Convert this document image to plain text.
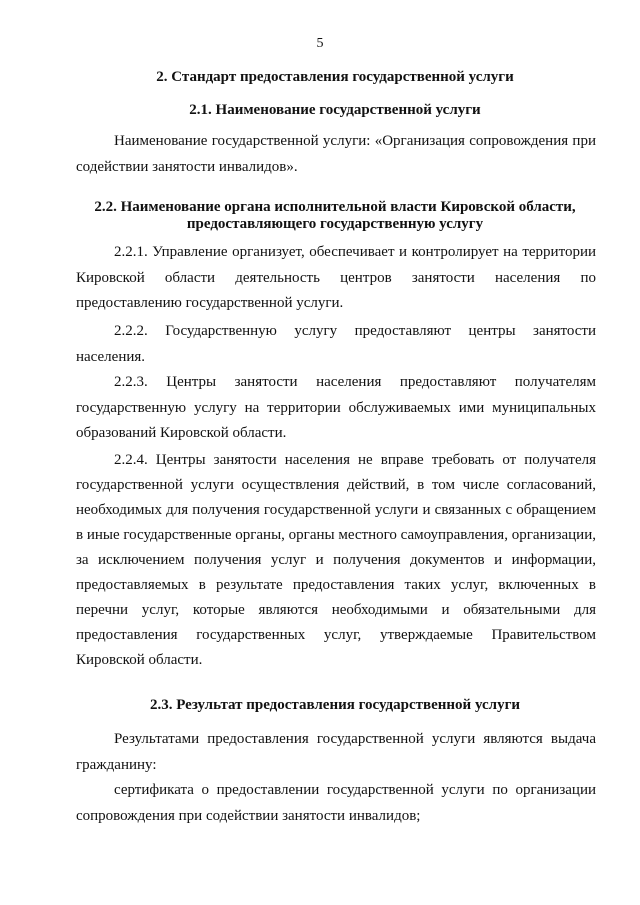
5
2. Стандарт предоставления государственной услуги
2.1. Наименование государственной услуги
Наименование государственной услуги: «Организация сопровождения при содействии занятости инвалидов».
2.2. Наименование органа исполнительной власти Кировской области,
предоставляющего государственную услугу
2.2.1. Управление организует, обеспечивает и контролирует на территории Кировской области деятельность центров занятости населения по предоставлению государственной услуги.
2.2.2. Государственную услугу предоставляют центры занятости населения.
2.2.3. Центры занятости населения предоставляют получателям государственную услугу на территории обслуживаемых ими муниципальных образований Кировской области.
2.2.4. Центры занятости населения не вправе требовать от получателя государственной услуги осуществления действий, в том числе согласований, необходимых для получения государственной услуги и связанных с обращением в иные государственные органы, органы местного самоуправления, организации, за исключением получения услуг и получения документов и информации, предоставляемых в результате предоставления таких услуг, включенных в перечни услуг, которые являются необходимыми и обязательными для предоставления государственных услуг, утверждаемые Правительством Кировской области.
2.3. Результат предоставления государственной услуги
Результатами предоставления государственной услуги являются выдача гражданину:
сертификата о предоставлении государственной услуги по организации сопровождения при содействии занятости инвалидов;
